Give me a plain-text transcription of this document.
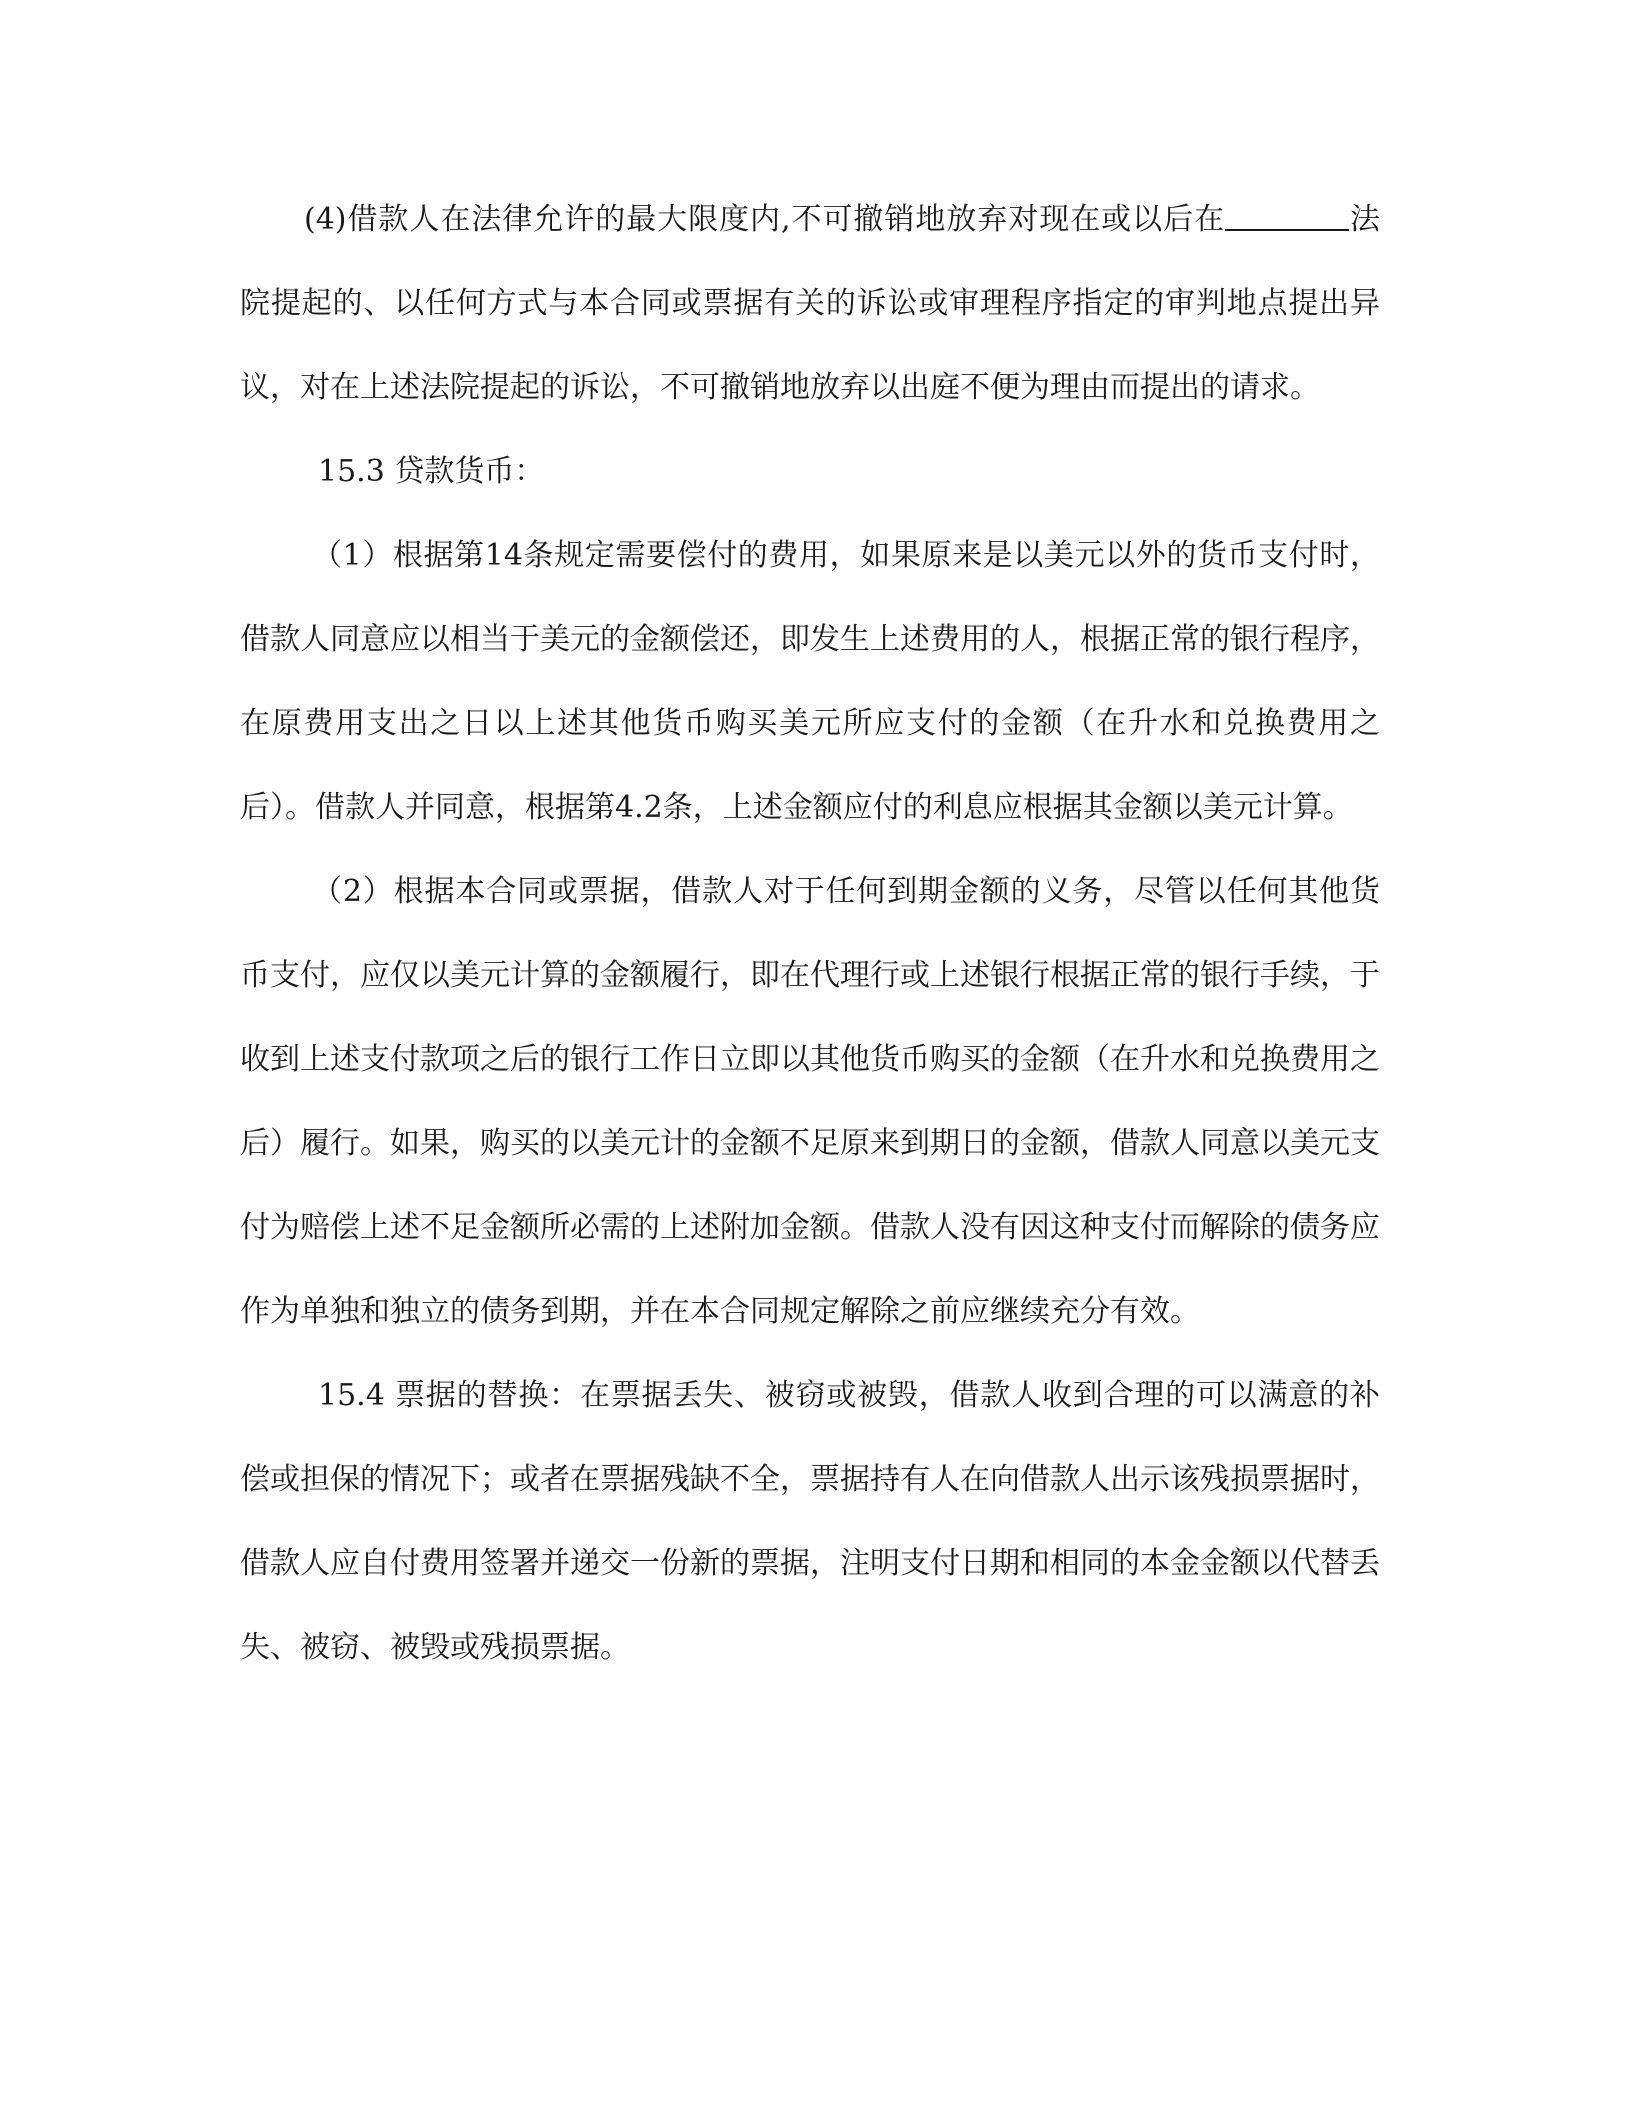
(4)借款人在法律允许的最大限度内,不可撤销地放弃对现在或以后在	法院提起的、以任何方式与本合同或票据有关的诉讼或审理程序指定的审判地点提出异议，对在上述法院提起的诉讼，不可撤销地放弃以出庭不便为理由而提出的请求。

15.3 贷款货币：

（1）根据第14条规定需要偿付的费用，如果原来是以美元以外的货币支付时，借款人同意应以相当于美元的金额偿还，即发生上述费用的人，根据正常的银行程序，在原费用支出之日以上述其他货币购买美元所应支付的金额（在升水和兑换费用之后）。借款人并同意，根据第4.2条，上述金额应付的利息应根据其金额以美元计算。

（2）根据本合同或票据，借款人对于任何到期金额的义务，尽管以任何其他货币支付，应仅以美元计算的金额履行，即在代理行或上述银行根据正常的银行手续，于收到上述支付款项之后的银行工作日立即以其他货币购买的金额（在升水和兑换费用之后）履行。如果，购买的以美元计的金额不足原来到期日的金额，借款人同意以美元支付为赔偿上述不足金额所必需的上述附加金额。借款人没有因这种支付而解除的债务应作为单独和独立的债务到期，并在本合同规定解除之前应继续充分有效。

15.4 票据的替换：在票据丢失、被窃或被毁，借款人收到合理的可以满意的补偿或担保的情况下；或者在票据残缺不全，票据持有人在向借款人出示该残损票据时，借款人应自付费用签署并递交一份新的票据，注明支付日期和相同的本金金额以代替丢失、被窃、被毁或残损票据。
